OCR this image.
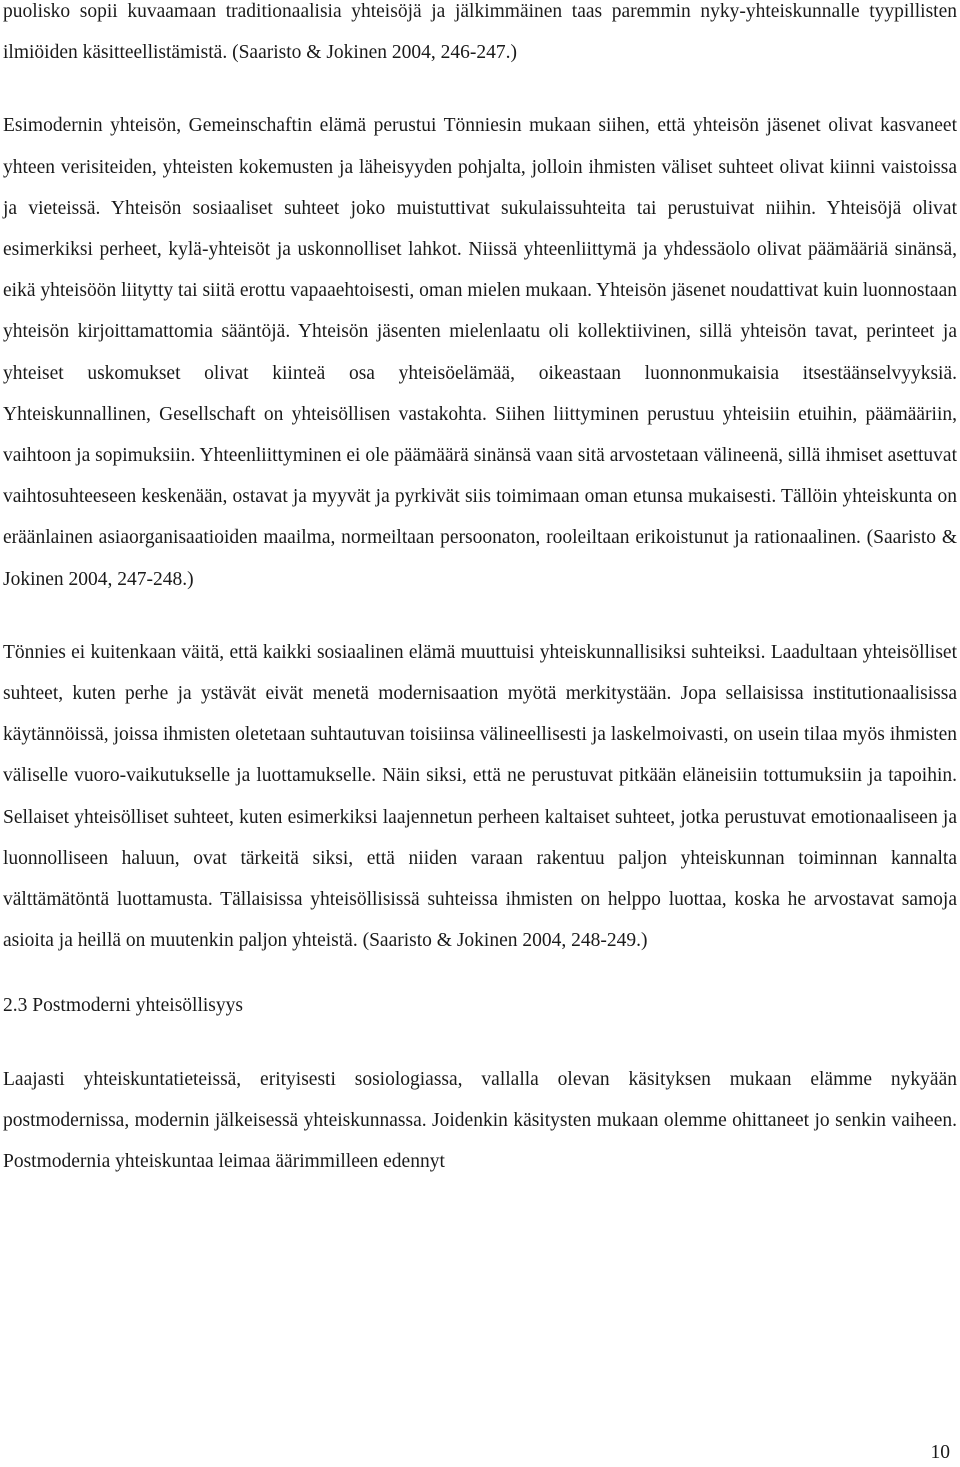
puolisko sopii kuvaamaan traditionaalisia yhteisöjä ja jälkimmäinen taas paremmin nyky-yhteiskunnalle tyypillisten ilmiöiden käsitteellistämistä. (Saaristo & Jokinen 2004, 246-247.)

Esimodernin yhteisön, Gemeinschaftin elämä perustui Tönniesin mukaan siihen, että yhteisön jäsenet olivat kasvaneet yhteen verisiteiden, yhteisten kokemusten ja läheisyyden pohjalta, jolloin ihmisten väliset suhteet olivat kiinni vaistoissa ja vieteissä. Yhteisön sosiaaliset suhteet joko muistuttivat sukulaissuhteita tai perustuivat niihin. Yhteisöjä olivat esimerkiksi perheet, kylä-yhteisöt ja uskonnolliset lahkot. Niissä yhteenliittymä ja yhdessäolo olivat päämääriä sinänsä, eikä yhteisöön liitytty tai siitä erottu vapaaehtoisesti, oman mielen mukaan. Yhteisön jäsenet noudattivat kuin luonnostaan yhteisön kirjoittamattomia sääntöjä. Yhteisön jäsenten mielenlaatu oli kollektiivinen, sillä yhteisön tavat, perinteet ja yhteiset uskomukset olivat kiinteä osa yhteisöelämää, oikeastaan luonnonmukaisia itsestäänselvyyksiä. Yhteiskunnallinen, Gesellschaft on yhteisöllisen vastakohta. Siihen liittyminen perustuu yhteisiin etuihin, päämääriin, vaihtoon ja sopimuksiin. Yhteenliittyminen ei ole päämäärä sinänsä vaan sitä arvostetaan välineenä, sillä ihmiset asettuvat vaihtosuhteeseen keskenään, ostavat ja myyvät ja pyrkivät siis toimimaan oman etunsa mukaisesti. Tällöin yhteiskunta on eräänlainen asiaorganisaatioiden maailma, normeiltaan persoonaton, rooleiltaan erikoistunut ja rationaalinen. (Saaristo & Jokinen 2004, 247-248.)

Tönnies ei kuitenkaan väitä, että kaikki sosiaalinen elämä muuttuisi yhteiskunnallisiksi suhteiksi. Laadultaan yhteisölliset suhteet, kuten perhe ja ystävät eivät menetä modernisaation myötä merkitystään. Jopa sellaisissa institutionaalisissa käytännöissä, joissa ihmisten oletetaan suhtautuvan toisiinsa välineellisesti ja laskelmoivasti, on usein tilaa myös ihmisten väliselle vuoro-vaikutukselle ja luottamukselle. Näin siksi, että ne perustuvat pitkään eläneisiin tottumuksiin ja tapoihin. Sellaiset yhteisölliset suhteet, kuten esimerkiksi laajennetun perheen kaltaiset suhteet, jotka perustuvat emotionaaliseen ja luonnolliseen haluun, ovat tärkeitä siksi, että niiden varaan rakentuu paljon yhteiskunnan toiminnan kannalta välttämätöntä luottamusta. Tällaisissa yhteisöllisissä suhteissa ihmisten on helppo luottaa, koska he arvostavat samoja asioita ja heillä on muutenkin paljon yhteistä. (Saaristo & Jokinen 2004, 248-249.)

2.3 Postmoderni yhteisöllisyys

Laajasti yhteiskuntatieteissä, erityisesti sosiologiassa, vallalla olevan käsityksen mukaan elämme nykyään postmodernissa, modernin jälkeisessä yhteiskunnassa. Joidenkin käsitysten mukaan olemme ohittaneet jo senkin vaiheen. Postmodernia yhteiskuntaa leimaa äärimmilleen edennyt

10
